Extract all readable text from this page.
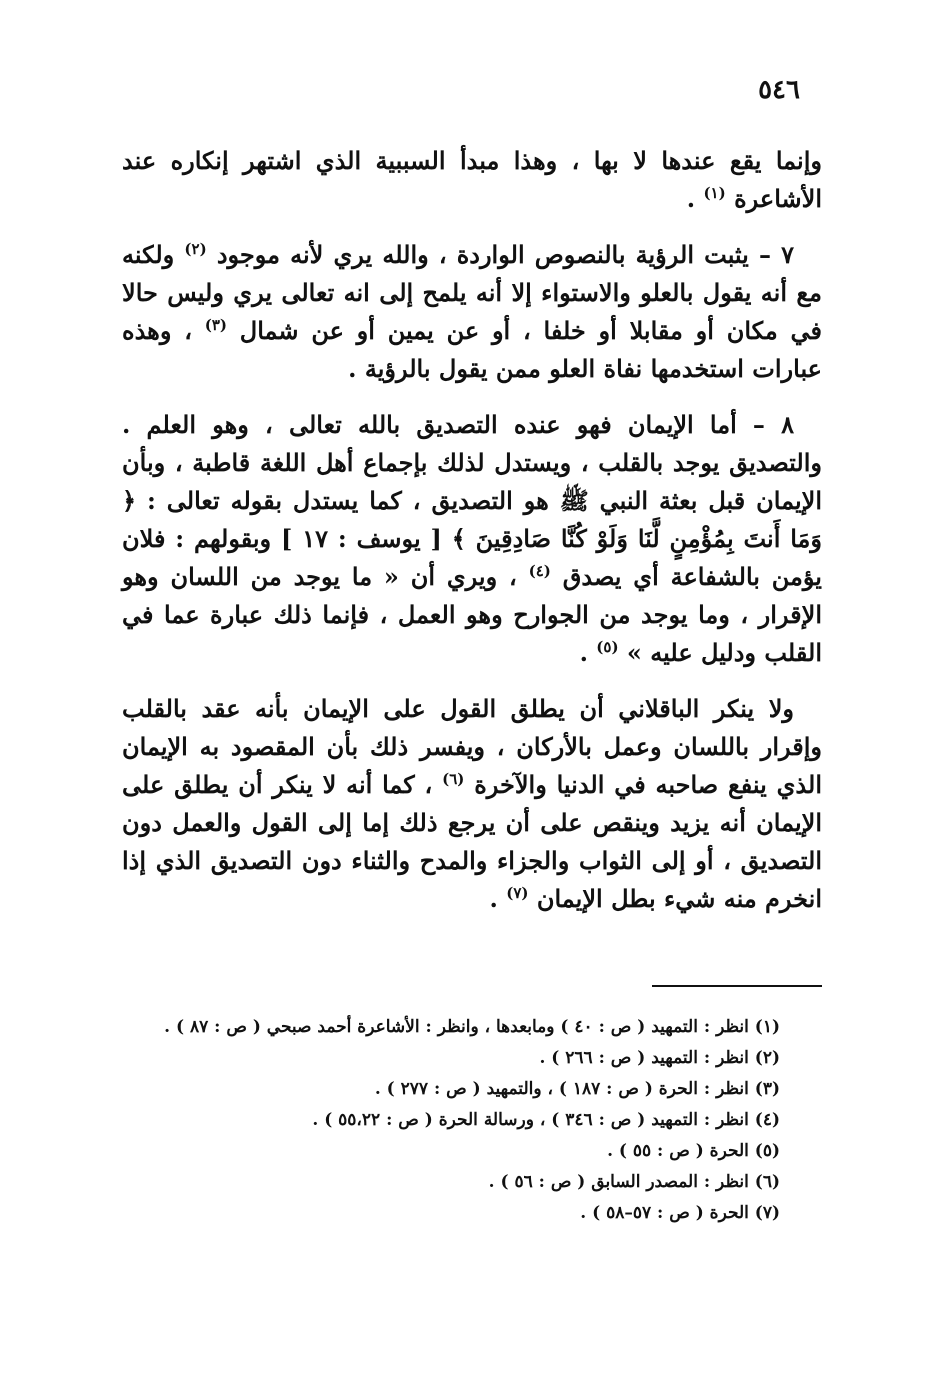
٥٤٦

وإنما يقع عندها لا بها ، وهذا مبدأ السببية الذي اشتهر إنكاره عند الأشاعرة $^{(١)}$ .

٧ – يثبت الرؤية بالنصوص الواردة ، والله يري لأنه موجود $^{(٢)}$ ولكنه مع أنه يقول بالعلو والاستواء إلا أنه يلمح إلى انه تعالى يري وليس حالا في مكان أو مقابلا أو خلفا ، أو عن يمين أو عن شمال $^{(٣)}$ ، وهذه عبارات استخدمها نفاة العلو ممن يقول بالرؤية .

٨ – أما الإيمان فهو عنده التصديق بالله تعالى ، وهو العلم . والتصديق يوجد بالقلب ، ويستدل لذلك بإجماع أهل اللغة قاطبة ، وبأن الإيمان قبل بعثة النبي ﷺ هو التصديق ، كما يستدل بقوله تعالى : ﴿ وَمَا أَنتَ بِمُؤْمِنٍ لَّنَا وَلَوْ كُنَّا صَادِقِينَ ﴾ [ يوسف : ١٧ ] وبقولهم : فلان يؤمن بالشفاعة أي يصدق $^{(٤)}$ ، ويري أن « ما يوجد من اللسان وهو الإقرار ، وما يوجد من الجوارح وهو العمل ، فإنما ذلك عبارة عما في القلب ودليل عليه » $^{(٥)}$ .

ولا ينكر الباقلاني أن يطلق القول على الإيمان بأنه عقد بالقلب وإقرار باللسان وعمل بالأركان ، ويفسر ذلك بأن المقصود به الإيمان الذي ينفع صاحبه في الدنيا والآخرة $^{(٦)}$ ، كما أنه لا ينكر أن يطلق على الإيمان أنه يزيد وينقص على أن يرجع ذلك إما إلى القول والعمل دون التصديق ، أو إلى الثواب والجزاء والمدح والثناء دون التصديق الذي إذا انخرم منه شيء بطل الإيمان $^{(٧)}$ .

(١) انظر : التمهيد ( ص : ٤٠ ) ومابعدها ، وانظر : الأشاعرة أحمد صبحي ( ص : ٨٧ ) .
(٢) انظر : التمهيد ( ص : ٢٦٦ ) .
(٣) انظر : الحرة ( ص : ١٨٧ ) ، والتمهيد ( ص : ٢٧٧ ) .
(٤) انظر : التمهيد ( ص : ٣٤٦ ) ، ورسالة الحرة ( ص : ٥٥،٢٢ ) .
(٥) الحرة ( ص : ٥٥ ) .
(٦) انظر : المصدر السابق ( ص : ٥٦ ) .
(٧) الحرة ( ص : ٥٧–٥٨ ) .
